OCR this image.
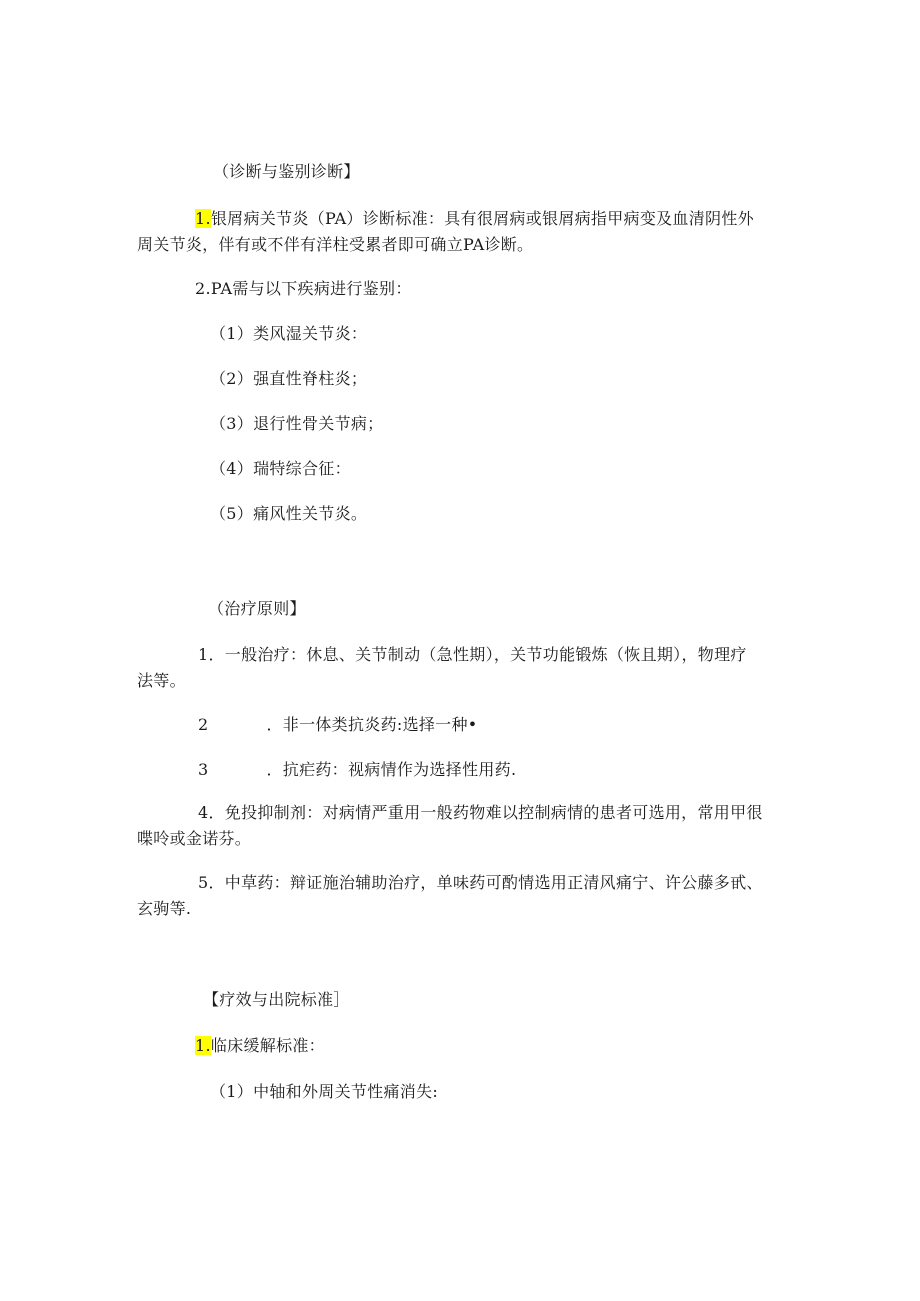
（诊断与鉴别诊断】
1.银屑病关节炎（PA）诊断标准：具有很屑病或银屑病指甲病变及血清阴性外
周关节炎，伴有或不伴有洋柱受累者即可确立PA诊断。
2.PA需与以下疾病进行鉴别：
（1）类风湿关节炎：
（2）强直性脊柱炎；
（3）退行性骨关节病；
（4）瑞特综合征：
（5）痛风性关节炎。
（治疗原则】
1．一般治疗：休息、关节制动（急性期），关节功能锻炼（恢且期），物理疗
法等。
2	．非一体类抗炎药:选择一种•
3	．抗疟药：视病情作为选择性用药.
4．免投抑制剂：对病情严重用一般药物难以控制病情的患者可选用，常用甲很
喋呤或金诺芬。
5．中草药：辩证施治辅助治疗，单味药可酌情选用正清风痛宁、许公藤多甙、
玄驹等.
【疗效与出院标准］
1.临床缓解标准：
（1）中轴和外周关节性痛消失:
